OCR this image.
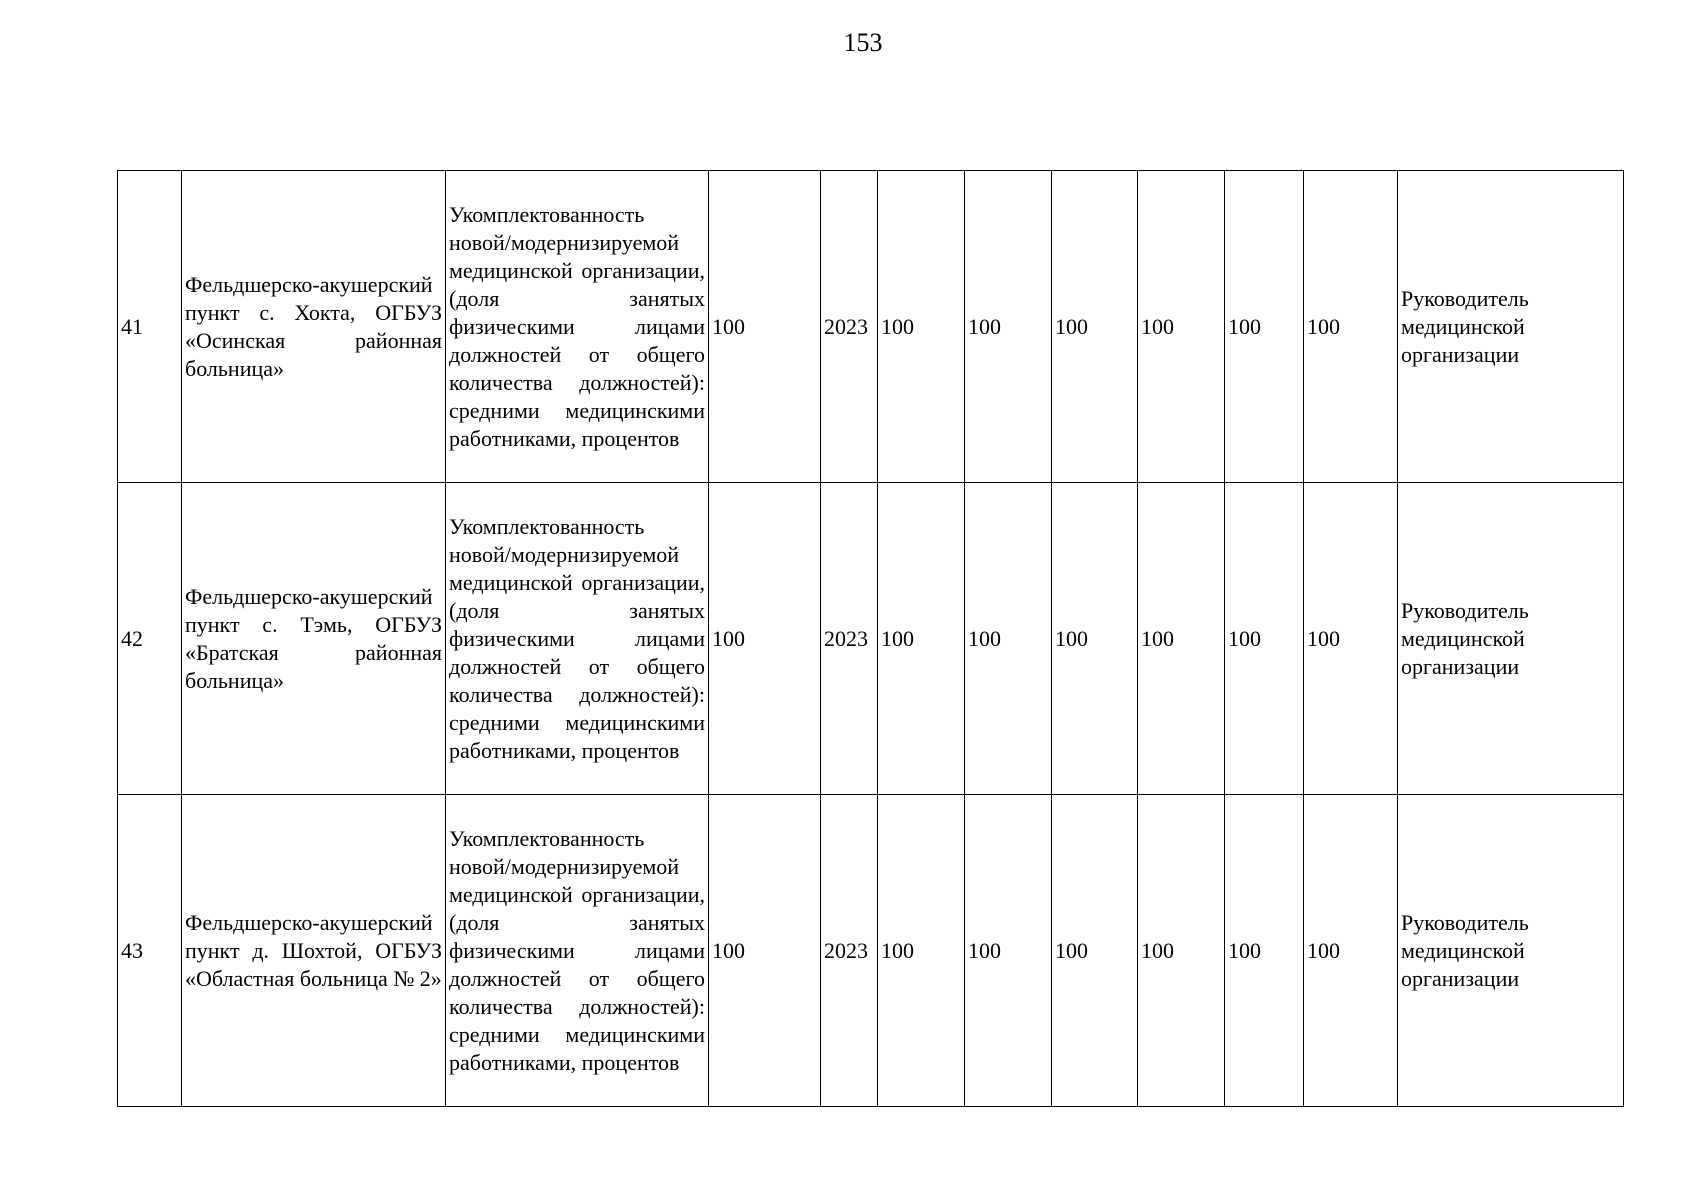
153
41	Фельдшерско-акушерский пункт с. Хокта, ОГБУЗ «Осинская районная больница»	Укомплектованность новой/модернизируемой медицинской организации, (доля занятых физическими лицами должностей от общего количества должностей): средними медицинскими работниками, процентов	100	2023	100	100	100	100	100	100	Руководитель медицинской организации
42	Фельдшерско-акушерский пункт с. Тэмь, ОГБУЗ «Братская районная больница»	Укомплектованность новой/модернизируемой медицинской организации, (доля занятых физическими лицами должностей от общего количества должностей): средними медицинскими работниками, процентов	100	2023	100	100	100	100	100	100	Руководитель медицинской организации
43	Фельдшерско-акушерский пункт д. Шохтой, ОГБУЗ «Областная больница № 2»	Укомплектованность новой/модернизируемой медицинской организации, (доля занятых физическими лицами должностей от общего количества должностей): средними медицинскими работниками, процентов	100	2023	100	100	100	100	100	100	Руководитель медицинской организации
